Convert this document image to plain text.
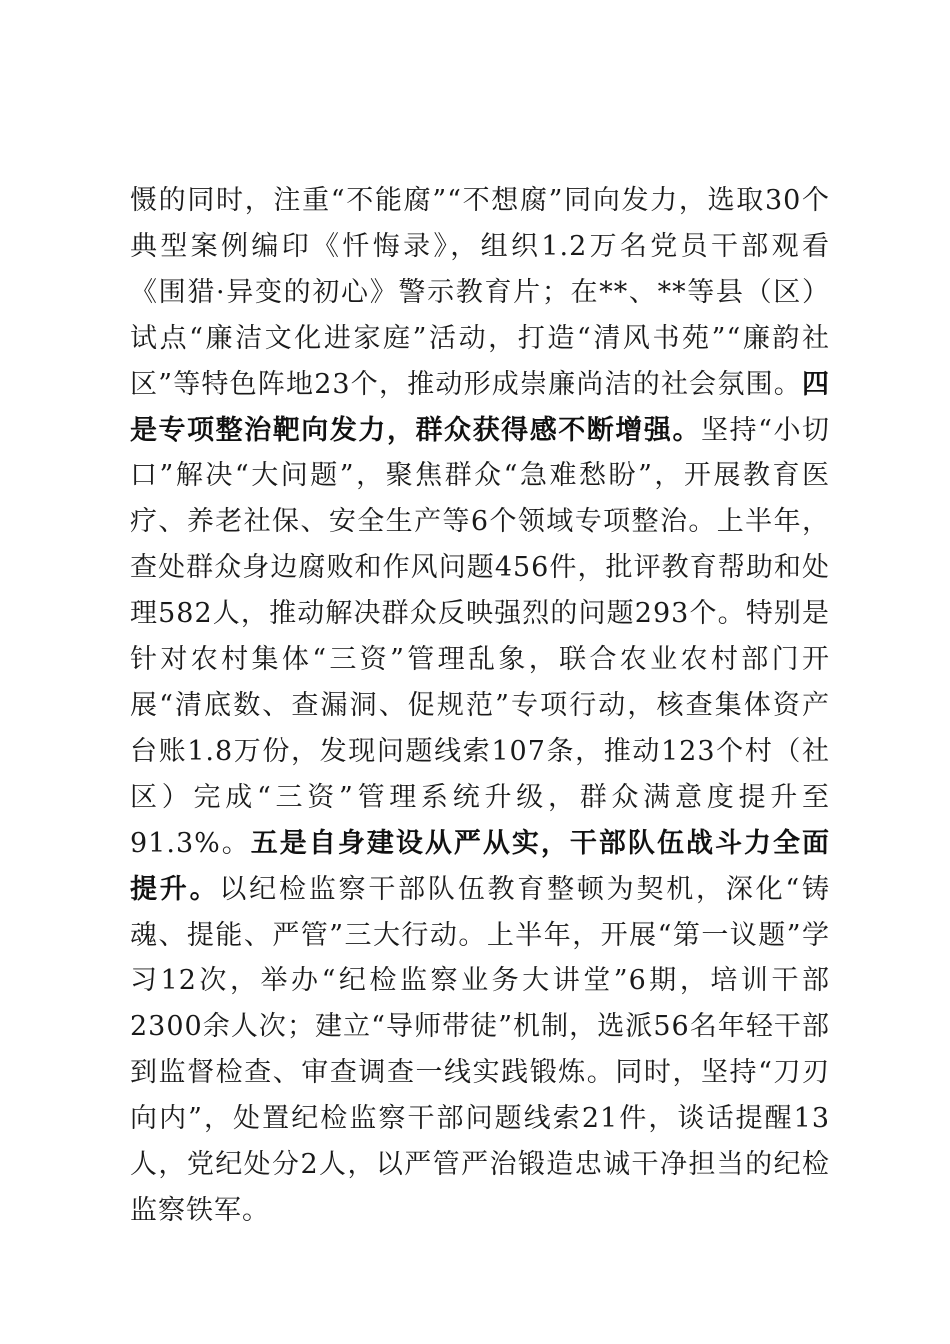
慑的同时，注重“不能腐”“不想腐”同向发力，选取30个典型案例编印《忏悔录》，组织1.2万名党员干部观看《围猎·异变的初心》警示教育片；在**、**等县（区）试点“廉洁文化进家庭”活动，打造“清风书苑”“廉韵社区”等特色阵地23个，推动形成崇廉尚洁的社会氛围。四是专项整治靶向发力，群众获得感不断增强。坚持“小切口”解决“大问题”，聚焦群众“急难愁盼”，开展教育医疗、养老社保、安全生产等6个领域专项整治。上半年，查处群众身边腐败和作风问题456件，批评教育帮助和处理582人，推动解决群众反映强烈的问题293个。特别是针对农村集体“三资”管理乱象，联合农业农村部门开展“清底数、查漏洞、促规范”专项行动，核查集体资产台账1.8万份，发现问题线索107条，推动123个村（社区）完成“三资”管理系统升级，群众满意度提升至91.3%。五是自身建设从严从实，干部队伍战斗力全面提升。以纪检监察干部队伍教育整顿为契机，深化“铸魂、提能、严管”三大行动。上半年，开展“第一议题”学习12次，举办“纪检监察业务大讲堂”6期，培训干部2300余人次；建立“导师带徒”机制，选派56名年轻干部到监督检查、审查调查一线实践锻炼。同时，坚持“刀刃向内”，处置纪检监察干部问题线索21件，谈话提醒13人，党纪处分2人，以严管严治锻造忠诚干净担当的纪检监察铁军。
